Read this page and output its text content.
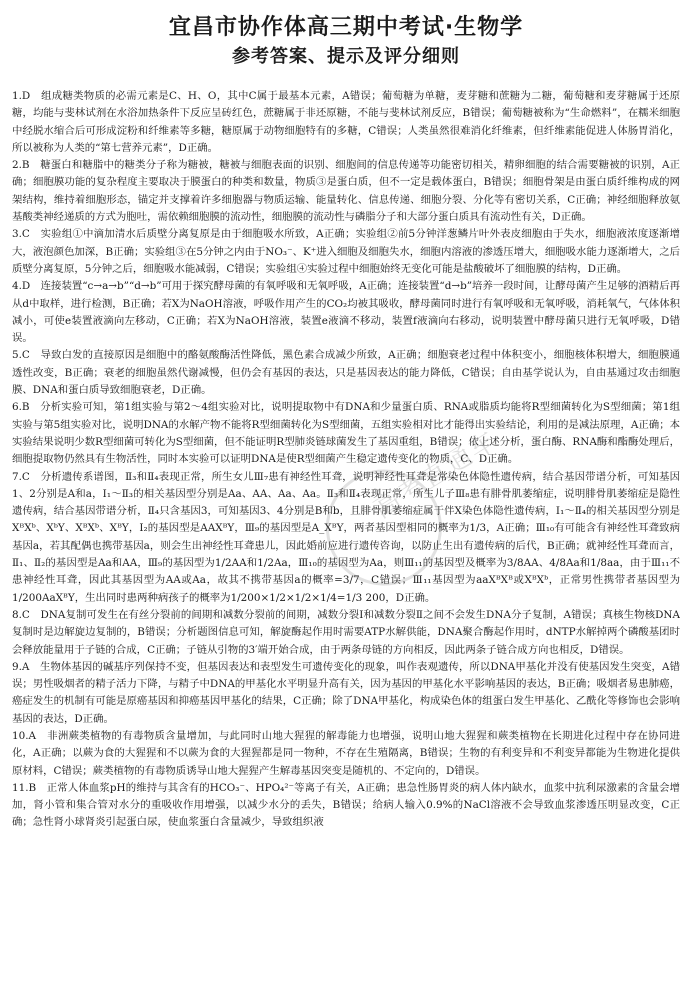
宜昌市协作体高三期中考试·生物学
参考答案、提示及评分细则

1.D　组成糖类物质的必需元素是C、H、O，其中C属于最基本元素，A错误；葡萄糖为单糖，麦芽糖和蔗糖为二糖，葡萄糖和麦芽糖属于还原糖，均能与斐林试剂在水浴加热条件下反应呈砖红色，蔗糖属于非还原糖，不能与斐林试剂反应，B错误；葡萄糖被称为“生命燃料”，在糯米细胞中经脱水缩合后可形成淀粉和纤维素等多糖，糖原属于动物细胞特有的多糖，C错误；人类虽然很难消化纤维素，但纤维素能促进人体肠胃消化，所以被称为人类的“第七营养元素”，D正确。

2.B　糖蛋白和糖脂中的糖类分子称为糖被，糖被与细胞表面的识别、细胞间的信息传递等功能密切相关，精卵细胞的结合需要糖被的识别，A正确；细胞膜功能的复杂程度主要取决于膜蛋白的种类和数量，物质③是蛋白质，但不一定是载体蛋白，B错误；细胞骨架是由蛋白质纤维构成的网架结构，维持着细胞形态，锚定并支撑着许多细胞器与物质运输、能量转化、信息传递、细胞分裂、分化等有密切关系，C正确；神经细胞释放氨基酸类神经递质的方式为胞吐，需依赖细胞膜的流动性，细胞膜的流动性与磷脂分子和大部分蛋白质具有流动性有关，D正确。

3.C　实验组①中滴加清水后质壁分离复原是由于细胞吸水所致，A正确；实验组②前5分钟洋葱鳞片叶外表皮细胞由于失水，细胞液浓度逐渐增大，液泡颜色加深，B正确；实验组③在5分钟之内由于NO₃⁻、K⁺进入细胞及细胞失水，细胞内溶液的渗透压增大，细胞吸水能力逐渐增大，之后质壁分离复原，5分钟之后，细胞吸水能减弱，C错误；实验组④实验过程中细胞始终无变化可能是盐酸破坏了细胞膜的结构，D正确。

4.D　连接装置“c→a→b”“d→b”可用于探究酵母菌的有氧呼吸和无氧呼吸，A正确；连接装置“d→b”培养一段时间，让酵母菌产生足够的酒精后再从d中取样，进行检测，B正确；若X为NaOH溶液，呼吸作用产生的CO₂均被其吸收，酵母菌同时进行有氧呼吸和无氧呼吸，消耗氧气，气体体积减小，可使e装置液滴向左移动，C正确；若X为NaOH溶液，装置e液滴不移动，装置f液滴向右移动，说明装置中酵母菌只进行无氧呼吸，D错误。

5.C　导致白发的直接原因是细胞中的酪氨酸酶活性降低，黑色素合成减少所致，A正确；细胞衰老过程中体积变小，细胞核体积增大，细胞膜通透性改变，B正确；衰老的细胞虽然代谢减慢，但仍会有基因的表达，只是基因表达的能力降低，C错误；自由基学说认为，自由基通过攻击细胞膜、DNA和蛋白质导致细胞衰老，D正确。

6.B　分析实验可知，第1组实验与第2～4组实验对比，说明提取物中有DNA和少量蛋白质、RNA或脂质均能将R型细菌转化为S型细菌；第1组实验与第5组实验对比，说明DNA的水解产物不能将R型细菌转化为S型细菌，五组实验相对比才能得出实验结论，利用的是减法原理，A正确；本实验结果说明少数R型细菌可转化为S型细菌，但不能证明R型肺炎链球菌发生了基因重组，B错误；依上述分析，蛋白酶、RNA酶和酯酶处理后，细胞提取物仍然具有生物活性，同时本实验可以证明DNA是使R型细菌产生稳定遗传变化的物质，C、D正确。

7.C　分析遗传系谱图，Ⅱ₃和Ⅱ₄表现正常，所生女儿Ⅲ₇患有神经性耳聋，说明神经性耳聋是常染色体隐性遗传病，结合基因带谱分析，可知基因1、2分别是A和a，Ⅰ₁～Ⅱ₃的相关基因型分别是Aa、AA、Aa、Aa。Ⅱ₃和Ⅱ₄表现正常，所生儿子Ⅲ₈患有腓骨肌萎缩症，说明腓骨肌萎缩症是隐性遗传病，结合基因带谱分析，Ⅱ₄只含基因3，可知基因3、4分别是B和b，且腓骨肌萎缩症属于伴X染色体隐性遗传病，Ⅰ₁～Ⅱ₄的相关基因型分别是XᴮXᵇ、XᵇY、XᴮXᵇ、XᴮY，Ⅰ₂的基因型是AAXᴮY，Ⅲ₉的基因型是A_XᴮY，两者基因型相同的概率为1/3，A正确；Ⅲ₁₀有可能含有神经性耳聋致病基因a，若其配偶也携带基因a，则会生出神经性耳聋患儿，因此婚前应进行遗传咨询，以防止生出有遗传病的后代，B正确；就神经性耳聋而言，Ⅱ₁、Ⅱ₂的基因型是Aa和AA，Ⅲ₉的基因型为1/2AA和1/2Aa，Ⅲ₁₀的基因型为Aa，则Ⅲ₁₁的基因型及概率为3/8AA、4/8Aa和1/8aa，由于Ⅲ₁₁不患神经性耳聋，因此其基因型为AA或Aa，故其不携带基因a的概率=3/7，C错误；Ⅲ₁₁基因型为aaXᴮXᴮ或XᴮXᵇ，正常男性携带者基因型为1/200AaXᴮY，生出同时患两种病孩子的概率为1/200×1/2×1/2×1/4=1/3 200，D正确。

8.C　DNA复制可发生在有丝分裂前的间期和减数分裂前的间期，减数分裂Ⅰ和减数分裂Ⅱ之间不会发生DNA分子复制，A错误；真核生物核DNA复制时是边解旋边复制的，B错误；分析题图信息可知，解旋酶起作用时需要ATP水解供能，DNA聚合酶起作用时，dNTP水解掉两个磷酸基团时会释放能量用于子链的合成，C正确；子链从引物的3′端开始合成，由于两条母链的方向相反，因此两条子链合成方向也相反，D错误。

9.A　生物体基因的碱基序列保持不变，但基因表达和表型发生可遗传变化的现象，叫作表观遗传，所以DNA甲基化并没有使基因发生突变，A错误；男性吸烟者的精子活力下降，与精子中DNA的甲基化水平明显升高有关，因为基因的甲基化水平影响基因的表达，B正确；吸烟者易患肺癌，癌症发生的机制有可能是原癌基因和抑癌基因甲基化的结果，C正确；除了DNA甲基化，构成染色体的组蛋白发生甲基化、乙酰化等修饰也会影响基因的表达，D正确。

10.A　非洲蕨类植物的有毒物质含量增加，与此同时山地大猩猩的解毒能力也增强，说明山地大猩猩和蕨类植物在长期进化过程中存在协同进化，A正确；以蕨为食的大猩猩和不以蕨为食的大猩猩都是同一物种，不存在生殖隔离，B错误；生物的有利变异和不利变异都能为生物进化提供原材料，C错误；蕨类植物的有毒物质诱导山地大猩猩产生解毒基因突变是随机的、不定向的，D错误。

11.B　正常人体血浆pH的维持与其含有的HCO₃⁻、HPO₄²⁻等离子有关，A正确；患急性肠胃炎的病人体内缺水，血浆中抗利尿激素的含量会增加，肾小管和集合管对水分的重吸收作用增强，以减少水分的丢失，B错误；给病人输入0.9%的NaCl溶液不会导致血浆渗透压明显改变，C正确；急性肾小球肾炎引起蛋白尿，使血浆蛋白含量减少，导致组织液

高考直通车
